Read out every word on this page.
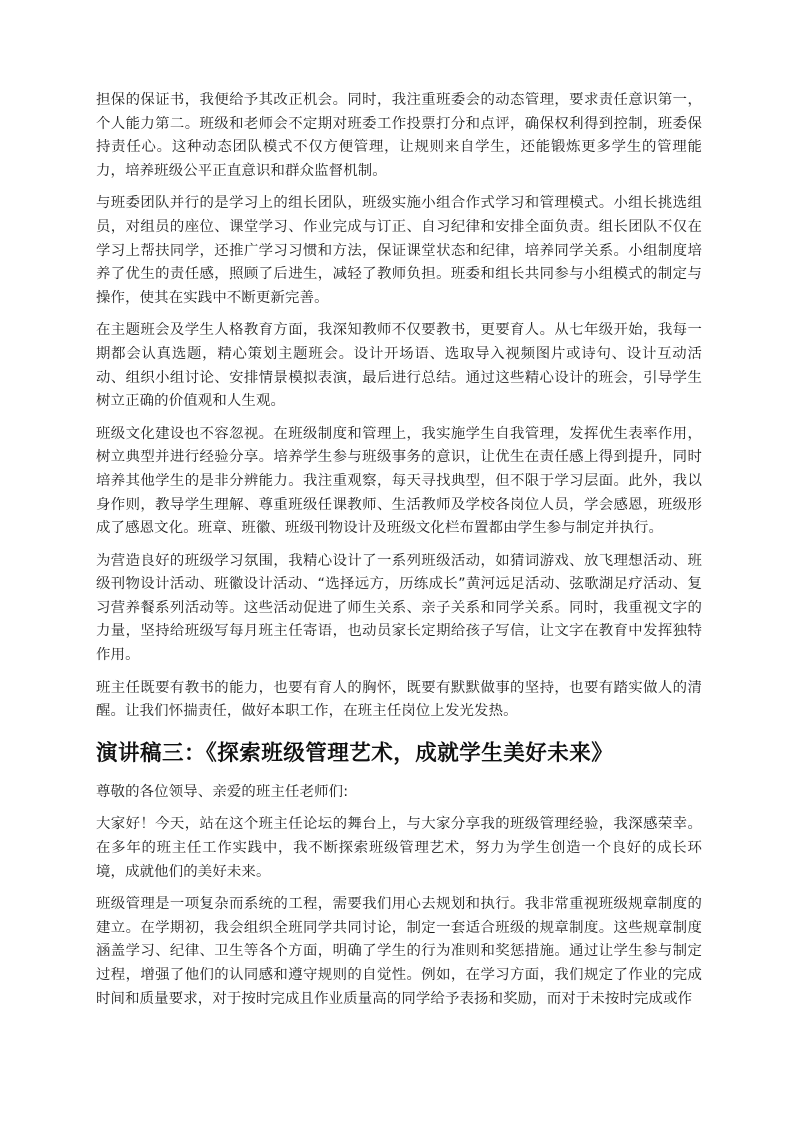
担保的保证书，我便给予其改正机会。同时，我注重班委会的动态管理，要求责任意识第一，个人能力第二。班级和老师会不定期对班委工作投票打分和点评，确保权利得到控制，班委保持责任心。这种动态团队模式不仅方便管理，让规则来自学生，还能锻炼更多学生的管理能力，培养班级公平正直意识和群众监督机制。

与班委团队并行的是学习上的组长团队，班级实施小组合作式学习和管理模式。小组长挑选组员，对组员的座位、课堂学习、作业完成与订正、自习纪律和安排全面负责。组长团队不仅在学习上帮扶同学，还推广学习习惯和方法，保证课堂状态和纪律，培养同学关系。小组制度培养了优生的责任感，照顾了后进生，减轻了教师负担。班委和组长共同参与小组模式的制定与操作，使其在实践中不断更新完善。

在主题班会及学生人格教育方面，我深知教师不仅要教书，更要育人。从七年级开始，我每一期都会认真选题，精心策划主题班会。设计开场语、选取导入视频图片或诗句、设计互动活动、组织小组讨论、安排情景模拟表演，最后进行总结。通过这些精心设计的班会，引导学生树立正确的价值观和人生观。

班级文化建设也不容忽视。在班级制度和管理上，我实施学生自我管理，发挥优生表率作用，树立典型并进行经验分享。培养学生参与班级事务的意识，让优生在责任感上得到提升，同时培养其他学生的是非分辨能力。我注重观察，每天寻找典型，但不限于学习层面。此外，我以身作则，教导学生理解、尊重班级任课教师、生活教师及学校各岗位人员，学会感恩，班级形成了感恩文化。班章、班徽、班级刊物设计及班级文化栏布置都由学生参与制定并执行。

为营造良好的班级学习氛围，我精心设计了一系列班级活动，如猜词游戏、放飞理想活动、班级刊物设计活动、班徽设计活动、“选择远方，历练成长”黄河远足活动、弦歌湖足疗活动、复习营养餐系列活动等。这些活动促进了师生关系、亲子关系和同学关系。同时，我重视文字的力量，坚持给班级写每月班主任寄语，也动员家长定期给孩子写信，让文字在教育中发挥独特作用。

班主任既要有教书的能力，也要有育人的胸怀，既要有默默做事的坚持，也要有踏实做人的清醒。让我们怀揣责任，做好本职工作，在班主任岗位上发光发热。

演讲稿三：《探索班级管理艺术，成就学生美好未来》

尊敬的各位领导、亲爱的班主任老师们:

大家好！今天，站在这个班主任论坛的舞台上，与大家分享我的班级管理经验，我深感荣幸。在多年的班主任工作实践中，我不断探索班级管理艺术，努力为学生创造一个良好的成长环境，成就他们的美好未来。

班级管理是一项复杂而系统的工程，需要我们用心去规划和执行。我非常重视班级规章制度的建立。在学期初，我会组织全班同学共同讨论，制定一套适合班级的规章制度。这些规章制度涵盖学习、纪律、卫生等各个方面，明确了学生的行为准则和奖惩措施。通过让学生参与制定过程，增强了他们的认同感和遵守规则的自觉性。例如，在学习方面，我们规定了作业的完成时间和质量要求，对于按时完成且作业质量高的同学给予表扬和奖励，而对于未按时完成或作
